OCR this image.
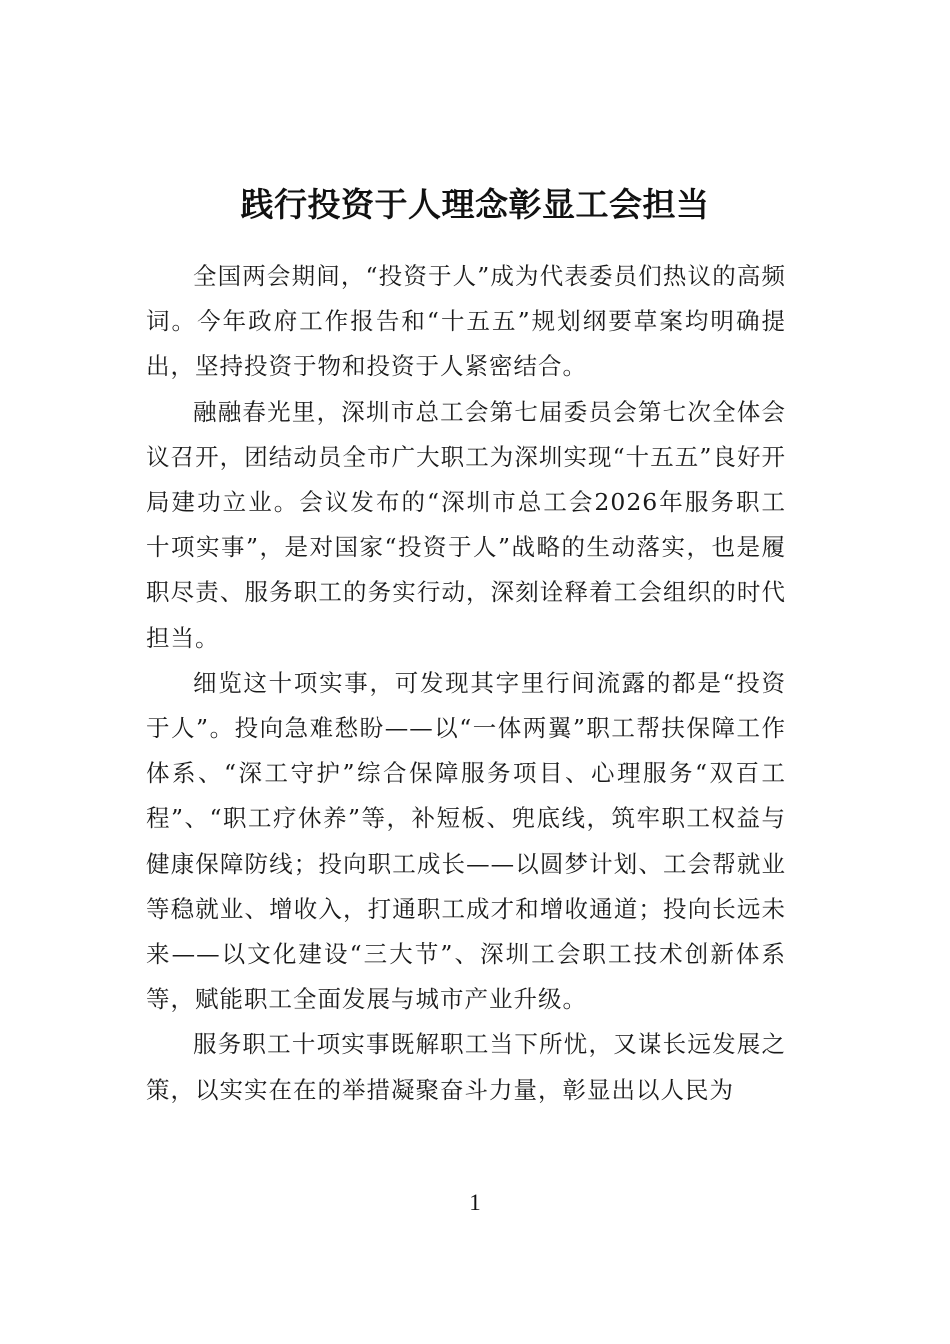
践行投资于人理念彰显工会担当

全国两会期间，“投资于人”成为代表委员们热议的高频词。今年政府工作报告和“十五五”规划纲要草案均明确提出，坚持投资于物和投资于人紧密结合。

融融春光里，深圳市总工会第七届委员会第七次全体会议召开，团结动员全市广大职工为深圳实现“十五五”良好开局建功立业。会议发布的“深圳市总工会2026年服务职工十项实事”，是对国家“投资于人”战略的生动落实，也是履职尽责、服务职工的务实行动，深刻诠释着工会组织的时代担当。

细览这十项实事，可发现其字里行间流露的都是“投资于人”。投向急难愁盼——以“一体两翼”职工帮扶保障工作体系、“深工守护”综合保障服务项目、心理服务“双百工程”、“职工疗休养”等，补短板、兜底线，筑牢职工权益与健康保障防线；投向职工成长——以圆梦计划、工会帮就业等稳就业、增收入，打通职工成才和增收通道；投向长远未来——以文化建设“三大节”、深圳工会职工技术创新体系等，赋能职工全面发展与城市产业升级。

服务职工十项实事既解职工当下所忧，又谋长远发展之策，以实实在在的举措凝聚奋斗力量，彰显出以人民为

1
